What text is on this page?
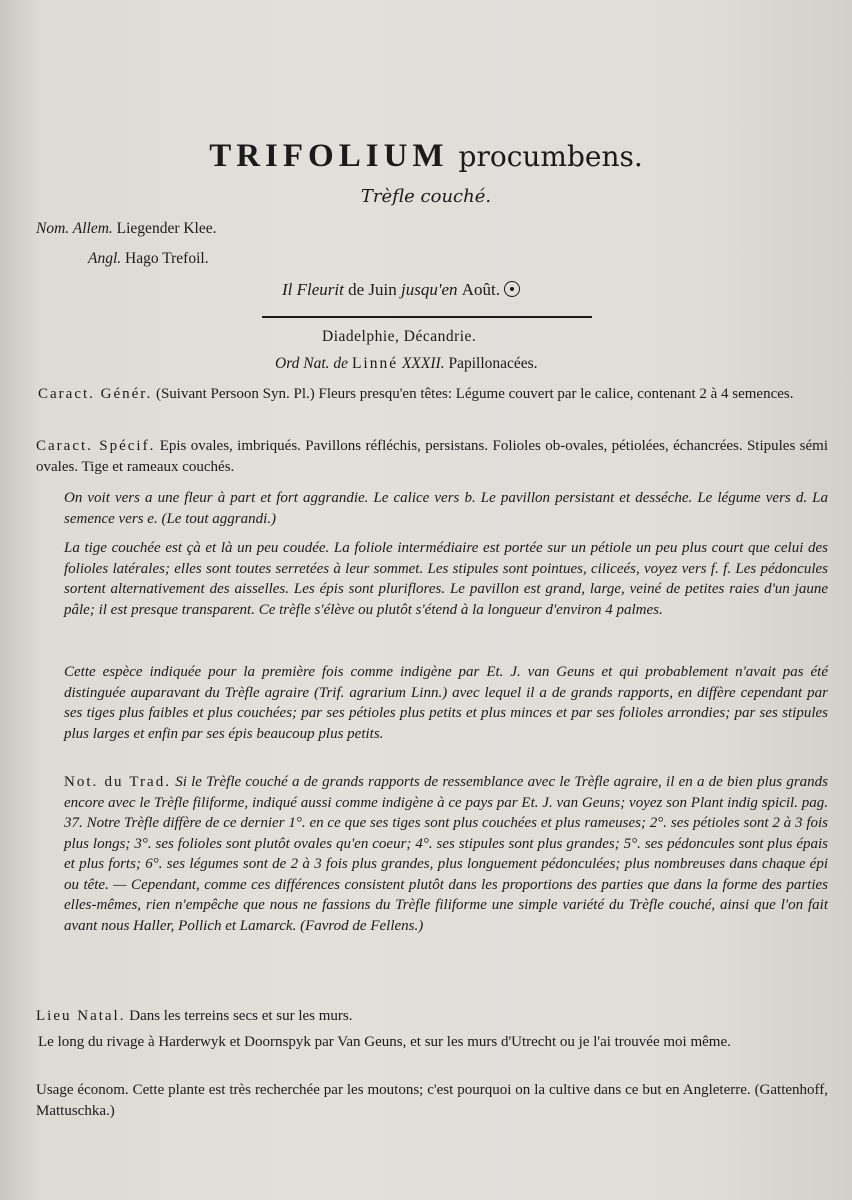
TRIFOLIUM procumbens.
Trèfle couché.
Nom. Allem. Liegender Klee.
Angl. Hago Trefoil.
Il Fleurit de Juin jusqu'en Août.
Diadelphie, Décandrie.
Ord Nat. de Linné XXXII. Papillonacées.

Caract. Génér. (Suivant Persoon Syn. Pl.) Fleurs presqu'en têtes: Légume couvert par le calice, contenant 2 à 4 semences.

Caract. Spécif. Epis ovales, imbriqués. Pavillons réfléchis, persistans. Folioles ob-ovales, pétiolées, échancrées. Stipules sémi ovales. Tige et rameaux couchés.

On voit vers a une fleur à part et fort aggrandie. Le calice vers b. Le pavillon persistant et desséche. Le légume vers d. La semence vers e. (Le tout aggrandi.)
La tige couchée est çà et là un peu coudée. La foliole intermédiaire est portée sur un pétiole un peu plus court que celui des folioles latérales; elles sont toutes serretées à leur sommet. Les stipules sont pointues, ciliceés, voyez vers f. f. Les pédoncules sortent alternativement des aisselles. Les épis sont pluriflores. Le pavillon est grand, large, veiné de petites raies d'un jaune pâle; il est presque transparent. Ce trèfle s'élève ou plutôt s'étend à la longueur d'environ 4 palmes.
Cette espèce indiquée pour la première fois comme indigène par Et. J. van Geuns et qui probablement n'avait pas été distinguée auparavant du Trèfle agraire (Trif. agrarium Linn.) avec lequel il a de grands rapports, en diffère cependant par ses tiges plus faibles et plus couchées; par ses pétioles plus petits et plus minces et par ses folioles arrondies; par ses stipules plus larges et enfin par ses épis beaucoup plus petits.

Not. du Trad. Si le Trèfle couché a de grands rapports de ressemblance avec le Trèfle agraire, il en a de bien plus grands encore avec le Trèfle filiforme, indiqué aussi comme indigène à ce pays par Et. J. van Geuns; voyez son Plant indig spicil. pag. 37. Notre Trèfle diffère de ce dernier 1°. en ce que ses tiges sont plus couchées et plus rameuses; 2°. ses pétioles sont 2 à 3 fois plus longs; 3°. ses folioles sont plutôt ovales qu'en coeur; 4°. ses stipules sont plus grandes; 5°. ses pédoncules sont plus épais et plus forts; 6°. ses légumes sont de 2 à 3 fois plus grandes, plus longuement pédonculées; plus nombreuses dans chaque épi ou tête. — Cependant, comme ces différences consistent plutôt dans les proportions des parties que dans la forme des parties elles-mêmes, rien n'empêche que nous ne fassions du Trèfle filiforme une simple variété du Trèfle couché, ainsi que l'on fait avant nous Haller, Pollich et Lamarck. (Favrod de Fellens.)

Lieu Natal. Dans les terreins secs et sur les murs.

Le long du rivage à Harderwyk et Doornspyk par Van Geuns, et sur les murs d'Utrecht ou je l'ai trouvée moi même.

Usage économ. Cette plante est très recherchée par les moutons; c'est pourquoi on la cultive dans ce but en Angleterre. (Gattenhoff, Mattuschka.)
